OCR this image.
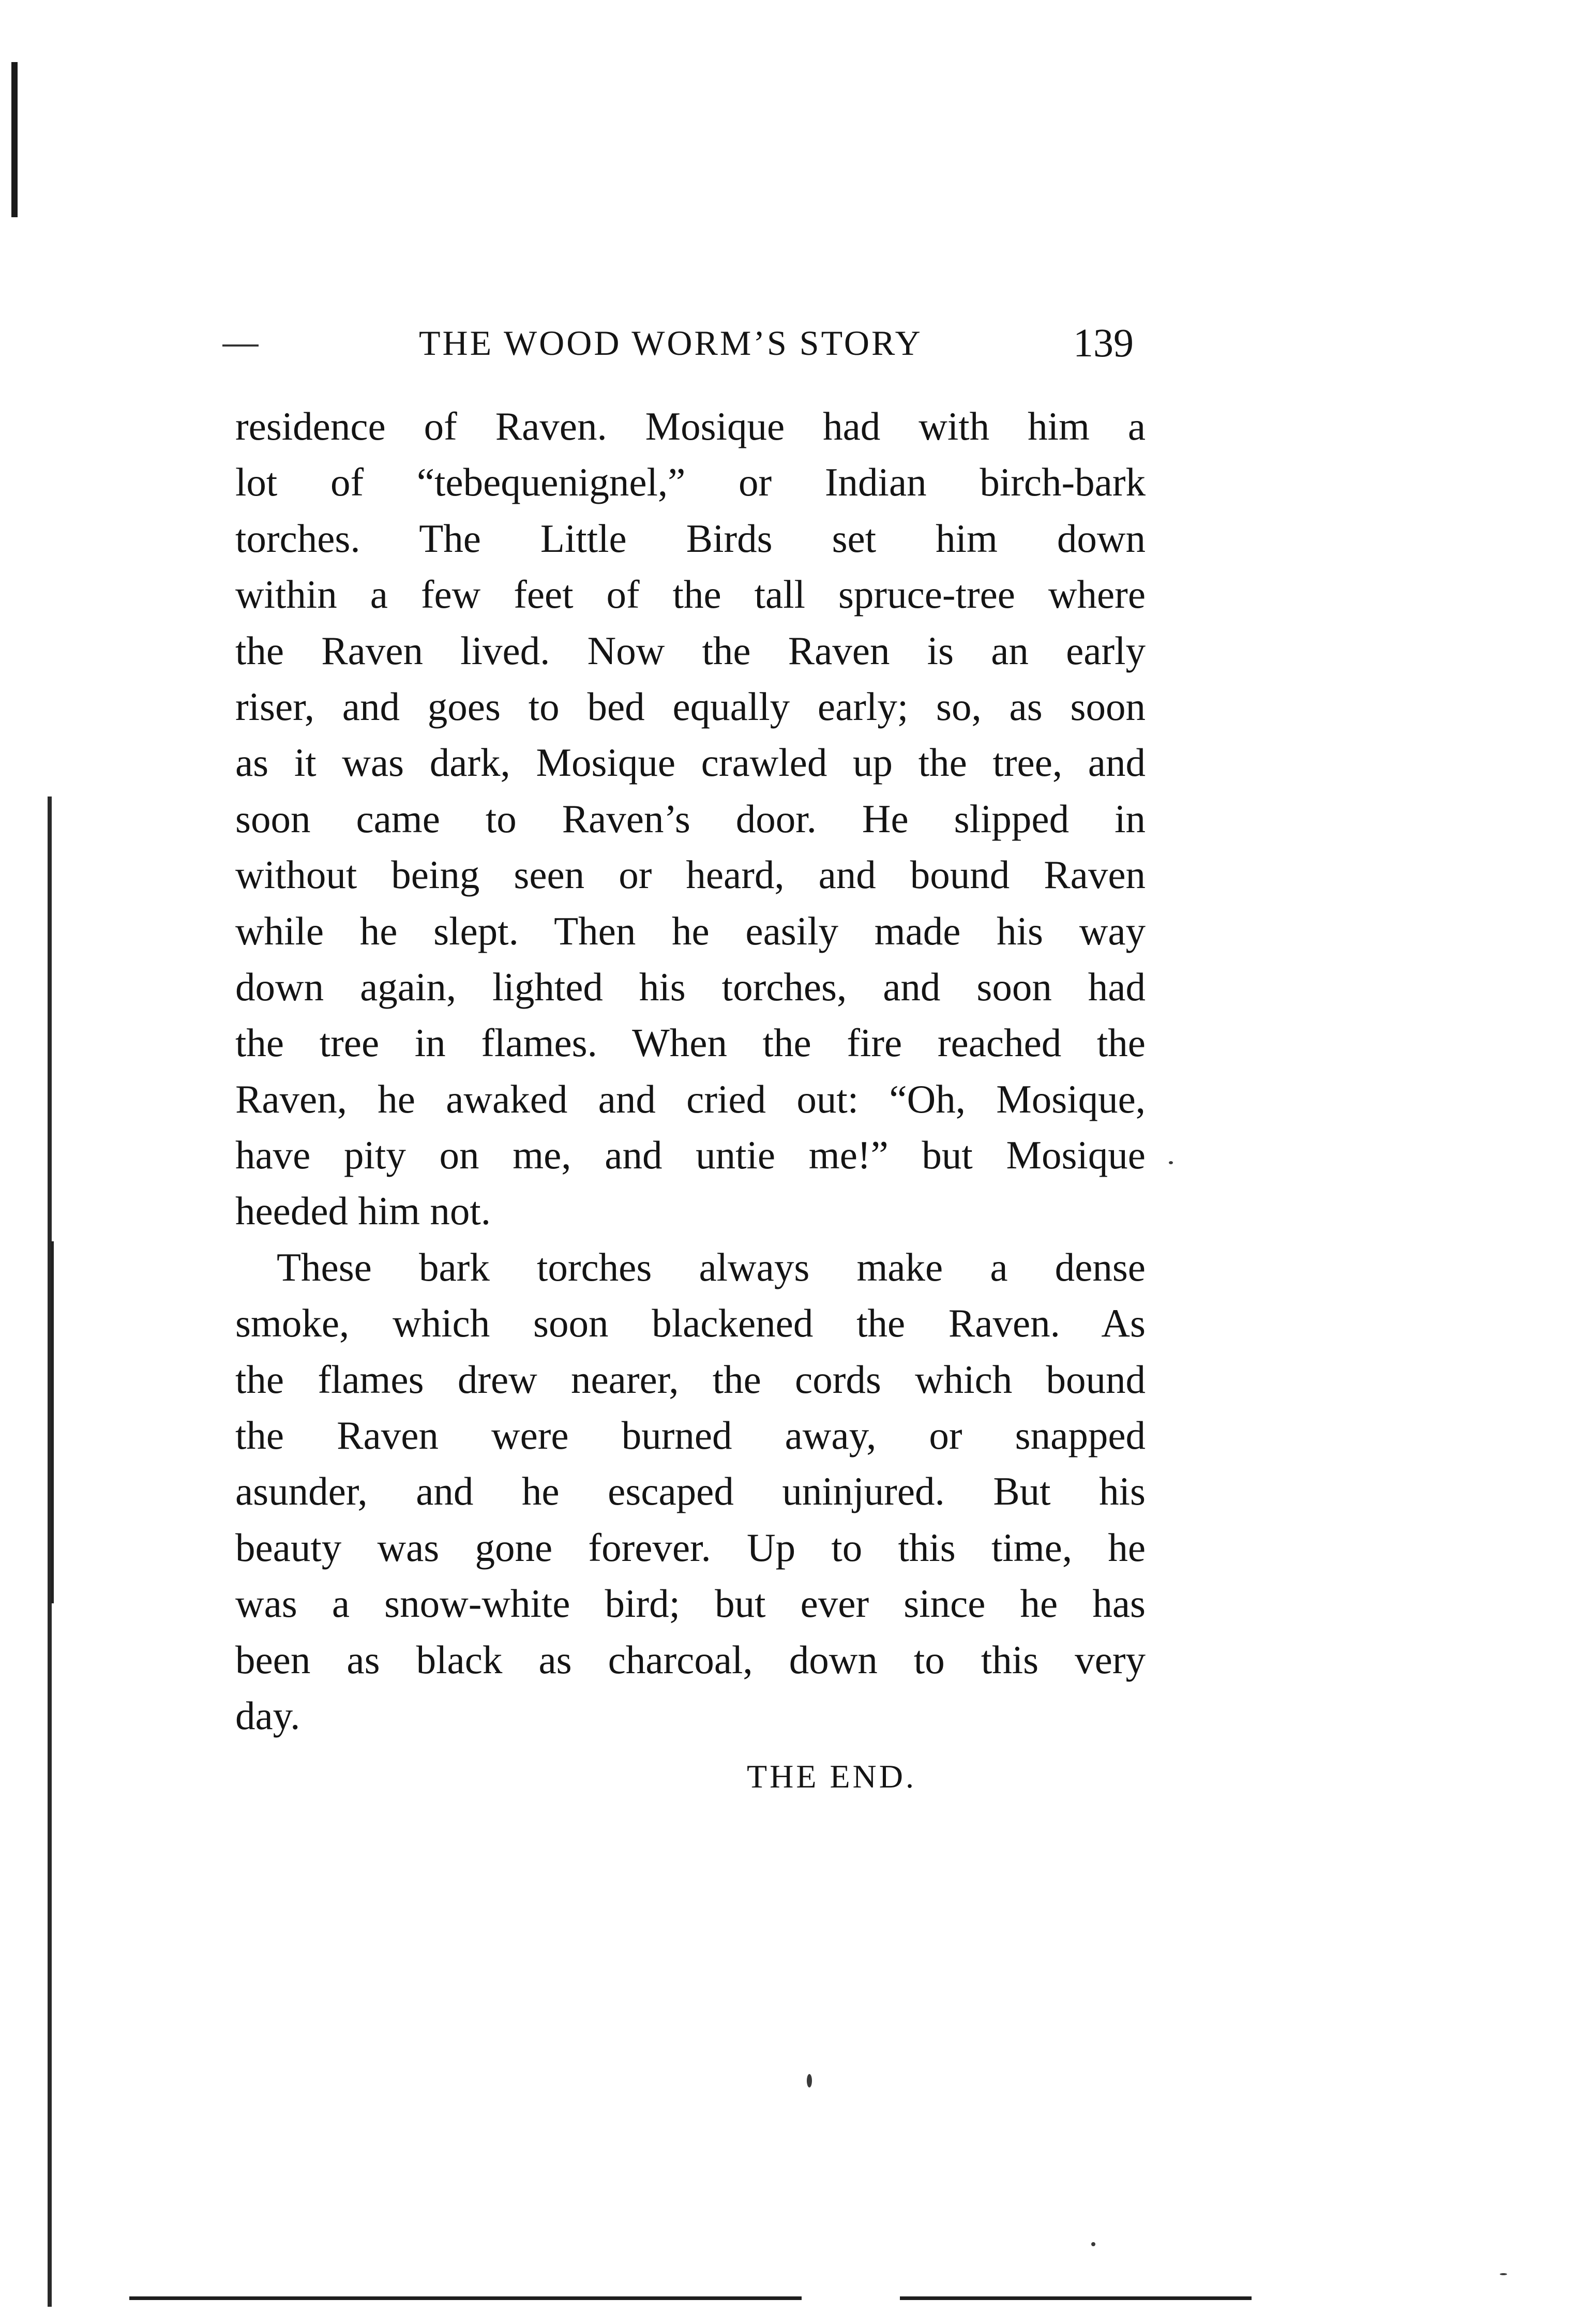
THE WOOD WORM’S STORY	139
residence of Raven. Mosique had with him a
lot of “tebequenignel,” or Indian birch-bark
torches. The Little Birds set him down
within a few feet of the tall spruce-tree where
the Raven lived. Now the Raven is an early
riser, and goes to bed equally early; so, as soon
as it was dark, Mosique crawled up the tree, and
soon came to Raven’s door. He slipped in
without being seen or heard, and bound Raven
while he slept. Then he easily made his way
down again, lighted his torches, and soon had
the tree in flames. When the fire reached the
Raven, he awaked and cried out: “Oh, Mosique,
have pity on me, and untie me!” but Mosique
heeded him not.
These bark torches always make a dense
smoke, which soon blackened the Raven. As
the flames drew nearer, the cords which bound
the Raven were burned away, or snapped
asunder, and he escaped uninjured. But his
beauty was gone forever. Up to this time, he
was a snow-white bird; but ever since he has
been as black as charcoal, down to this very
day.
THE END.
